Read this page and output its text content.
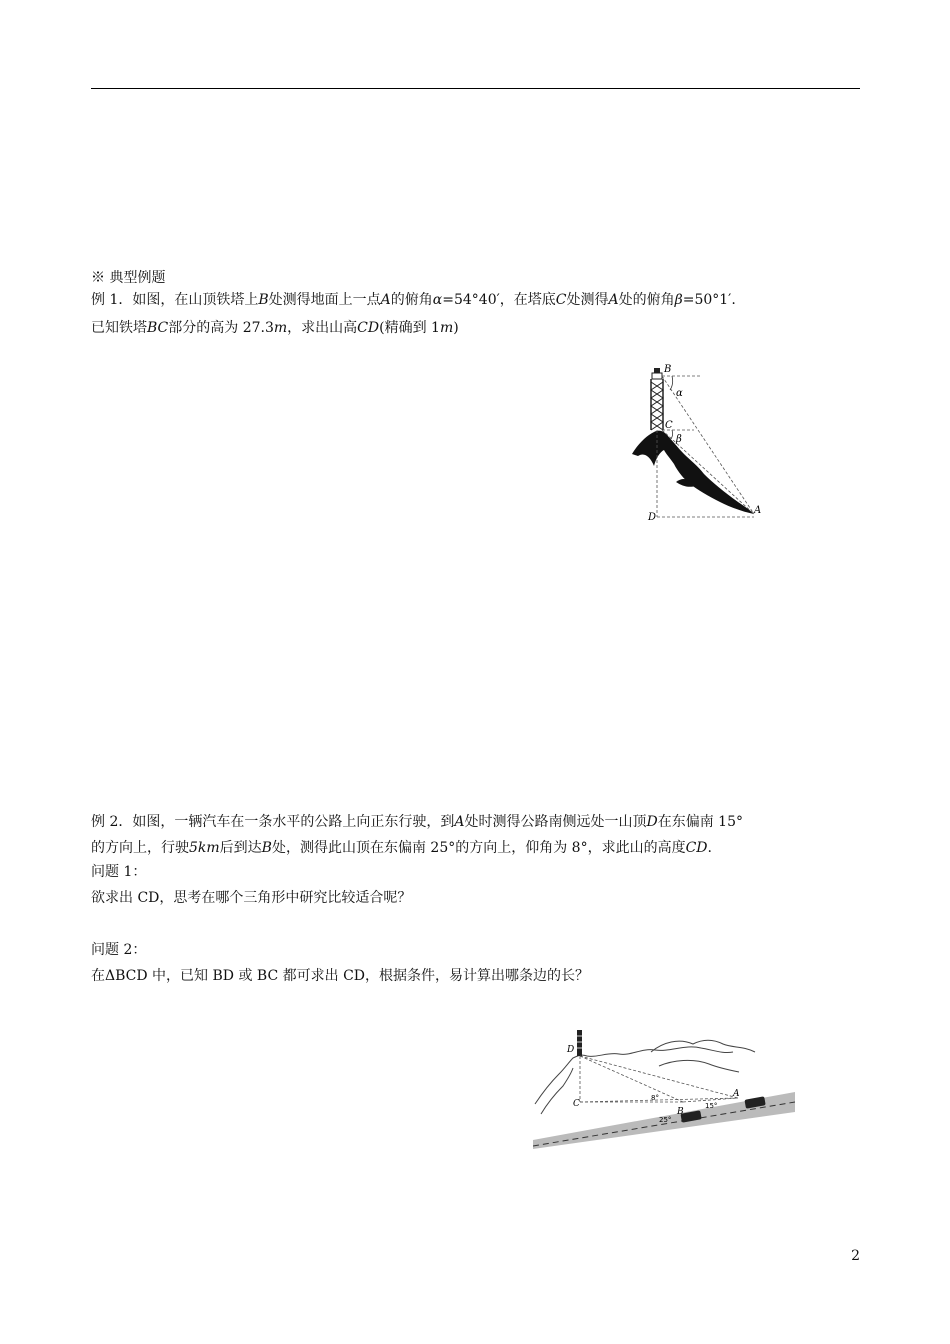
※ 典型例题
例 1．如图，在山顶铁塔上B处测得地面上一点A的俯角α=54°40′，在塔底C处测得A处的俯角β=50°1′.
已知铁塔BC部分的高为 27.3m，求出山高CD(精确到 1m)
B
α
C
β
D
A
例 2．如图，一辆汽车在一条水平的公路上向正东行驶，到A处时测得公路南侧远处一山顶D在东偏南 15°
的方向上，行驶5km后到达B处，测得此山顶在东偏南 25°的方向上，仰角为 8°，求此山的高度CD.
问题 1：
欲求出 CD，思考在哪个三角形中研究比较适合呢？
问题 2：
在ΔBCD 中，已知 BD 或 BC 都可求出 CD，根据条件，易计算出哪条边的长？
D
C
B
A
8°
25°
15°
2
